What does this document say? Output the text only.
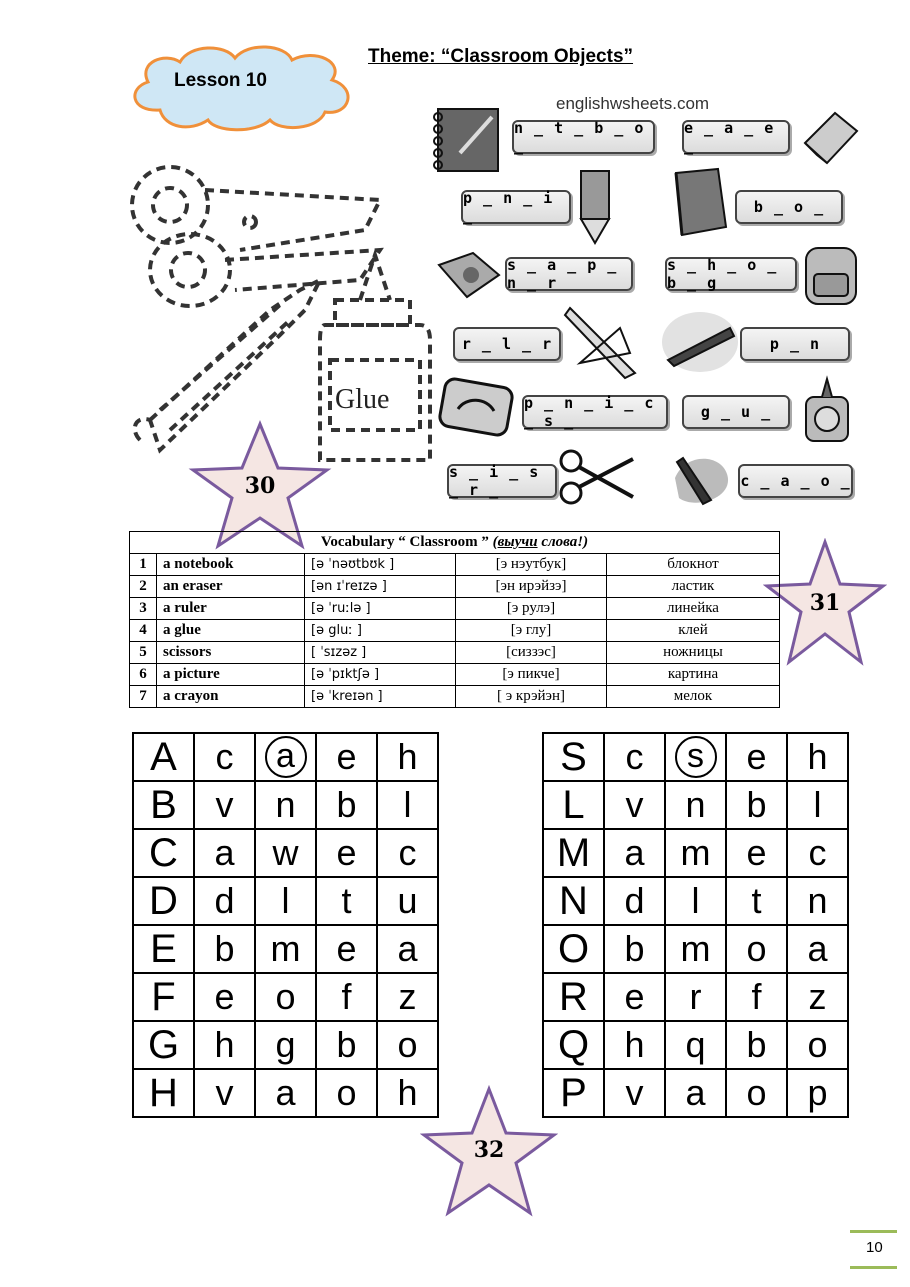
Lesson 10
Theme: “Classroom Objects”
englishwsheets.com
Glue
n _ t _ b _ o _
e _ a _ e _
p _ n _ i _	b _ o _
s _ a _ p _ n _ r
s _ h _ o _ b _ g
r _ l _ r	p _ n
p _ n _ i _ c _ s _	g _ u _
s _ i _ s _ r _	c _ a _ o _
30
31
32
Vocabulary “ Classroom ” (выучи слова!)				
1	a notebook	[ə ˈnəʊtbʊk ]	[э нэутбук]	блокнот
2	an eraser	[ən ɪˈreɪzə ]	[эн ирэйзэ]	ластик
3	a ruler	[ə ˈruːlə ]	[э рулэ]	линейка
4	a glue	[ə gluː ]	[э глу]	клей
5	scissors	[ ˈsɪzəz ]	[сиззэс]	ножницы
6	a picture	[ə ˈpɪktʃə ]	[э пикче]	картина
7	a crayon	[ə ˈkreɪən ]	[ э крэйэн]	мелок
A	c	a	e	h
B	v	n	b	l
C	a	w	e	c
D	d	l	t	u
E	b	m	e	a
F	e	o	f	z
G	h	g	b	o
H	v	a	o	h
S	c	s	e	h
L	v	n	b	l
M	a	m	e	c
N	d	l	t	n
O	b	m	o	a
R	e	r	f	z
Q	h	q	b	o
P	v	a	o	p
10
